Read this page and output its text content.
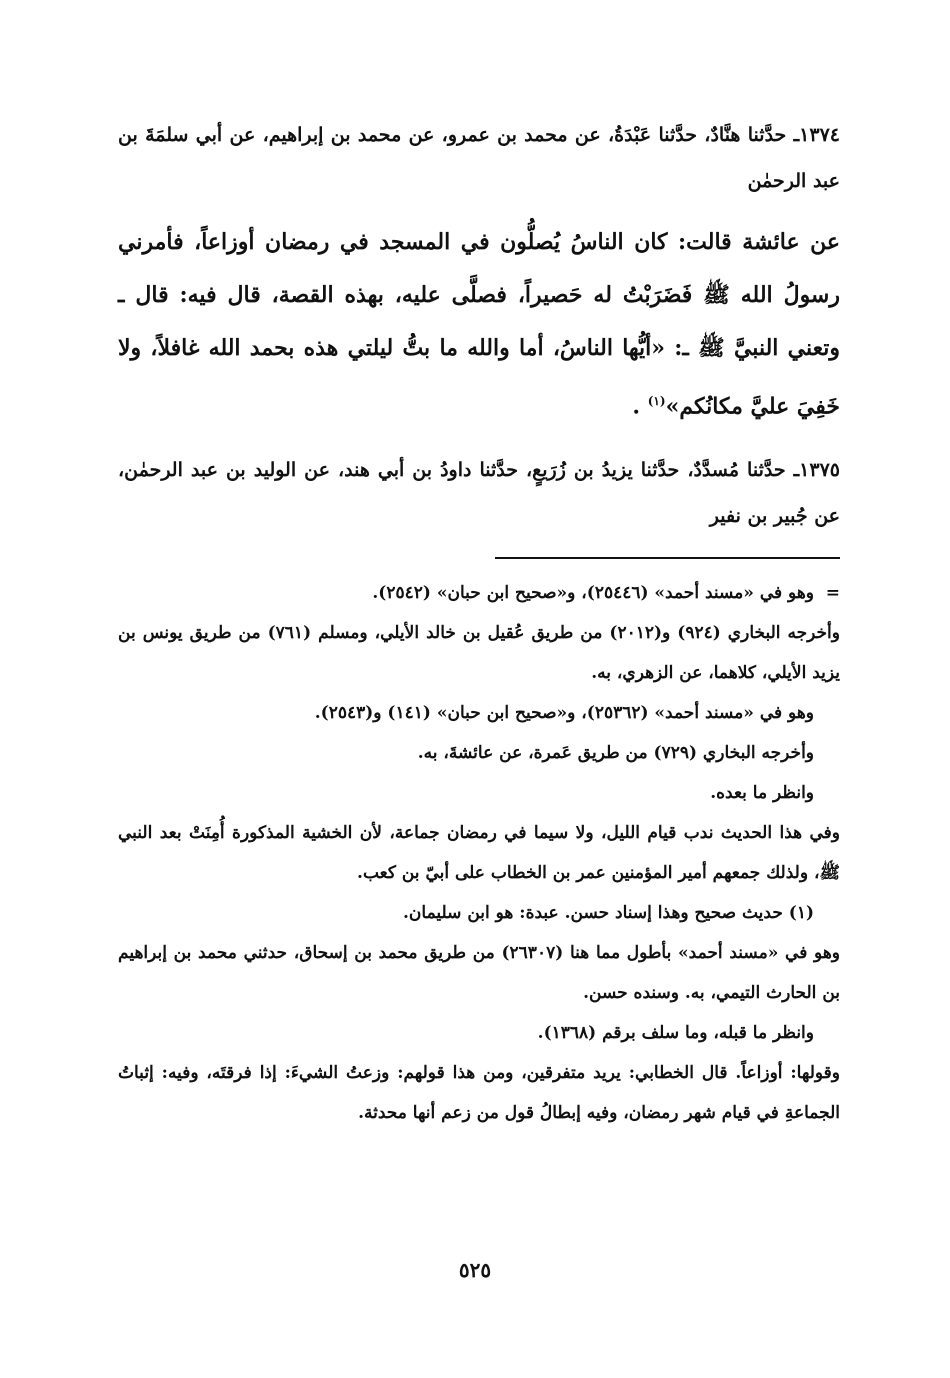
١٣٧٤ـ حدَّثنا هنَّادٌ، حدَّثنا عَبْدَةُ، عن محمد بن عمرو، عن محمد بن إبراهيم، عن أبي سلمَةَ بن عبد الرحمٰن

عن عائشة قالت: كان الناسُ يُصلُّون في المسجد في رمضان أوزاعاً، فأمرني رسولُ الله ﷺ فَضَرَبْتُ له حَصيراً، فصلَّى عليه، بهذه القصة، قال فيه: قال ـ وتعني النبيَّ ﷺ ـ: «أيُّها الناسُ، أما والله ما بتُّ ليلتي هذه بحمد الله غافلاً، ولا خَفِيَ عليَّ مكانُكم»$^{(١)}$ .

١٣٧٥ـ حدَّثنا مُسدَّدٌ، حدَّثنا يزيدُ بن زُرَيعٍ، حدَّثنا داودُ بن أبي هند، عن الوليد بن عبد الرحمٰن، عن جُبير بن نفير

=
وهو في «مسند أحمد» (٢٥٤٤٦)، و«صحيح ابن حبان» (٢٥٤٢).

وأخرجه البخاري (٩٢٤) و(٢٠١٢) من طريق عُقيل بن خالد الأيلي، ومسلم (٧٦١) من طريق يونس بن يزيد الأيلي، كلاهما، عن الزهري، به.

وهو في «مسند أحمد» (٢٥٣٦٢)، و«صحيح ابن حبان» (١٤١) و(٢٥٤٣).

وأخرجه البخاري (٧٢٩) من طريق عَمرة، عن عائشةَ، به.

وانظر ما بعده.

وفي هذا الحديث ندب قيام الليل، ولا سيما في رمضان جماعة، لأن الخشية المذكورة أُمِنَتْ بعد النبي ﷺ، ولذلك جمعهم أمير المؤمنين عمر بن الخطاب على أبيّ بن كعب.

(١) حديث صحيح وهذا إسناد حسن. عبدة: هو ابن سليمان.

وهو في «مسند أحمد» بأطول مما هنا (٢٦٣٠٧) من طريق محمد بن إسحاق، حدثني محمد بن إبراهيم بن الحارث التيمي، به. وسنده حسن.

وانظر ما قبله، وما سلف برقم (١٣٦٨).

وقولها: أوزاعاً. قال الخطابي: يريد متفرقين، ومن هذا قولهم: وزعتُ الشيءَ: إذا فرقتَه، وفيه: إثباتُ الجماعةِ في قيام شهر رمضان، وفيه إبطالُ قول من زعم أنها محدثة.

٥٢٥
